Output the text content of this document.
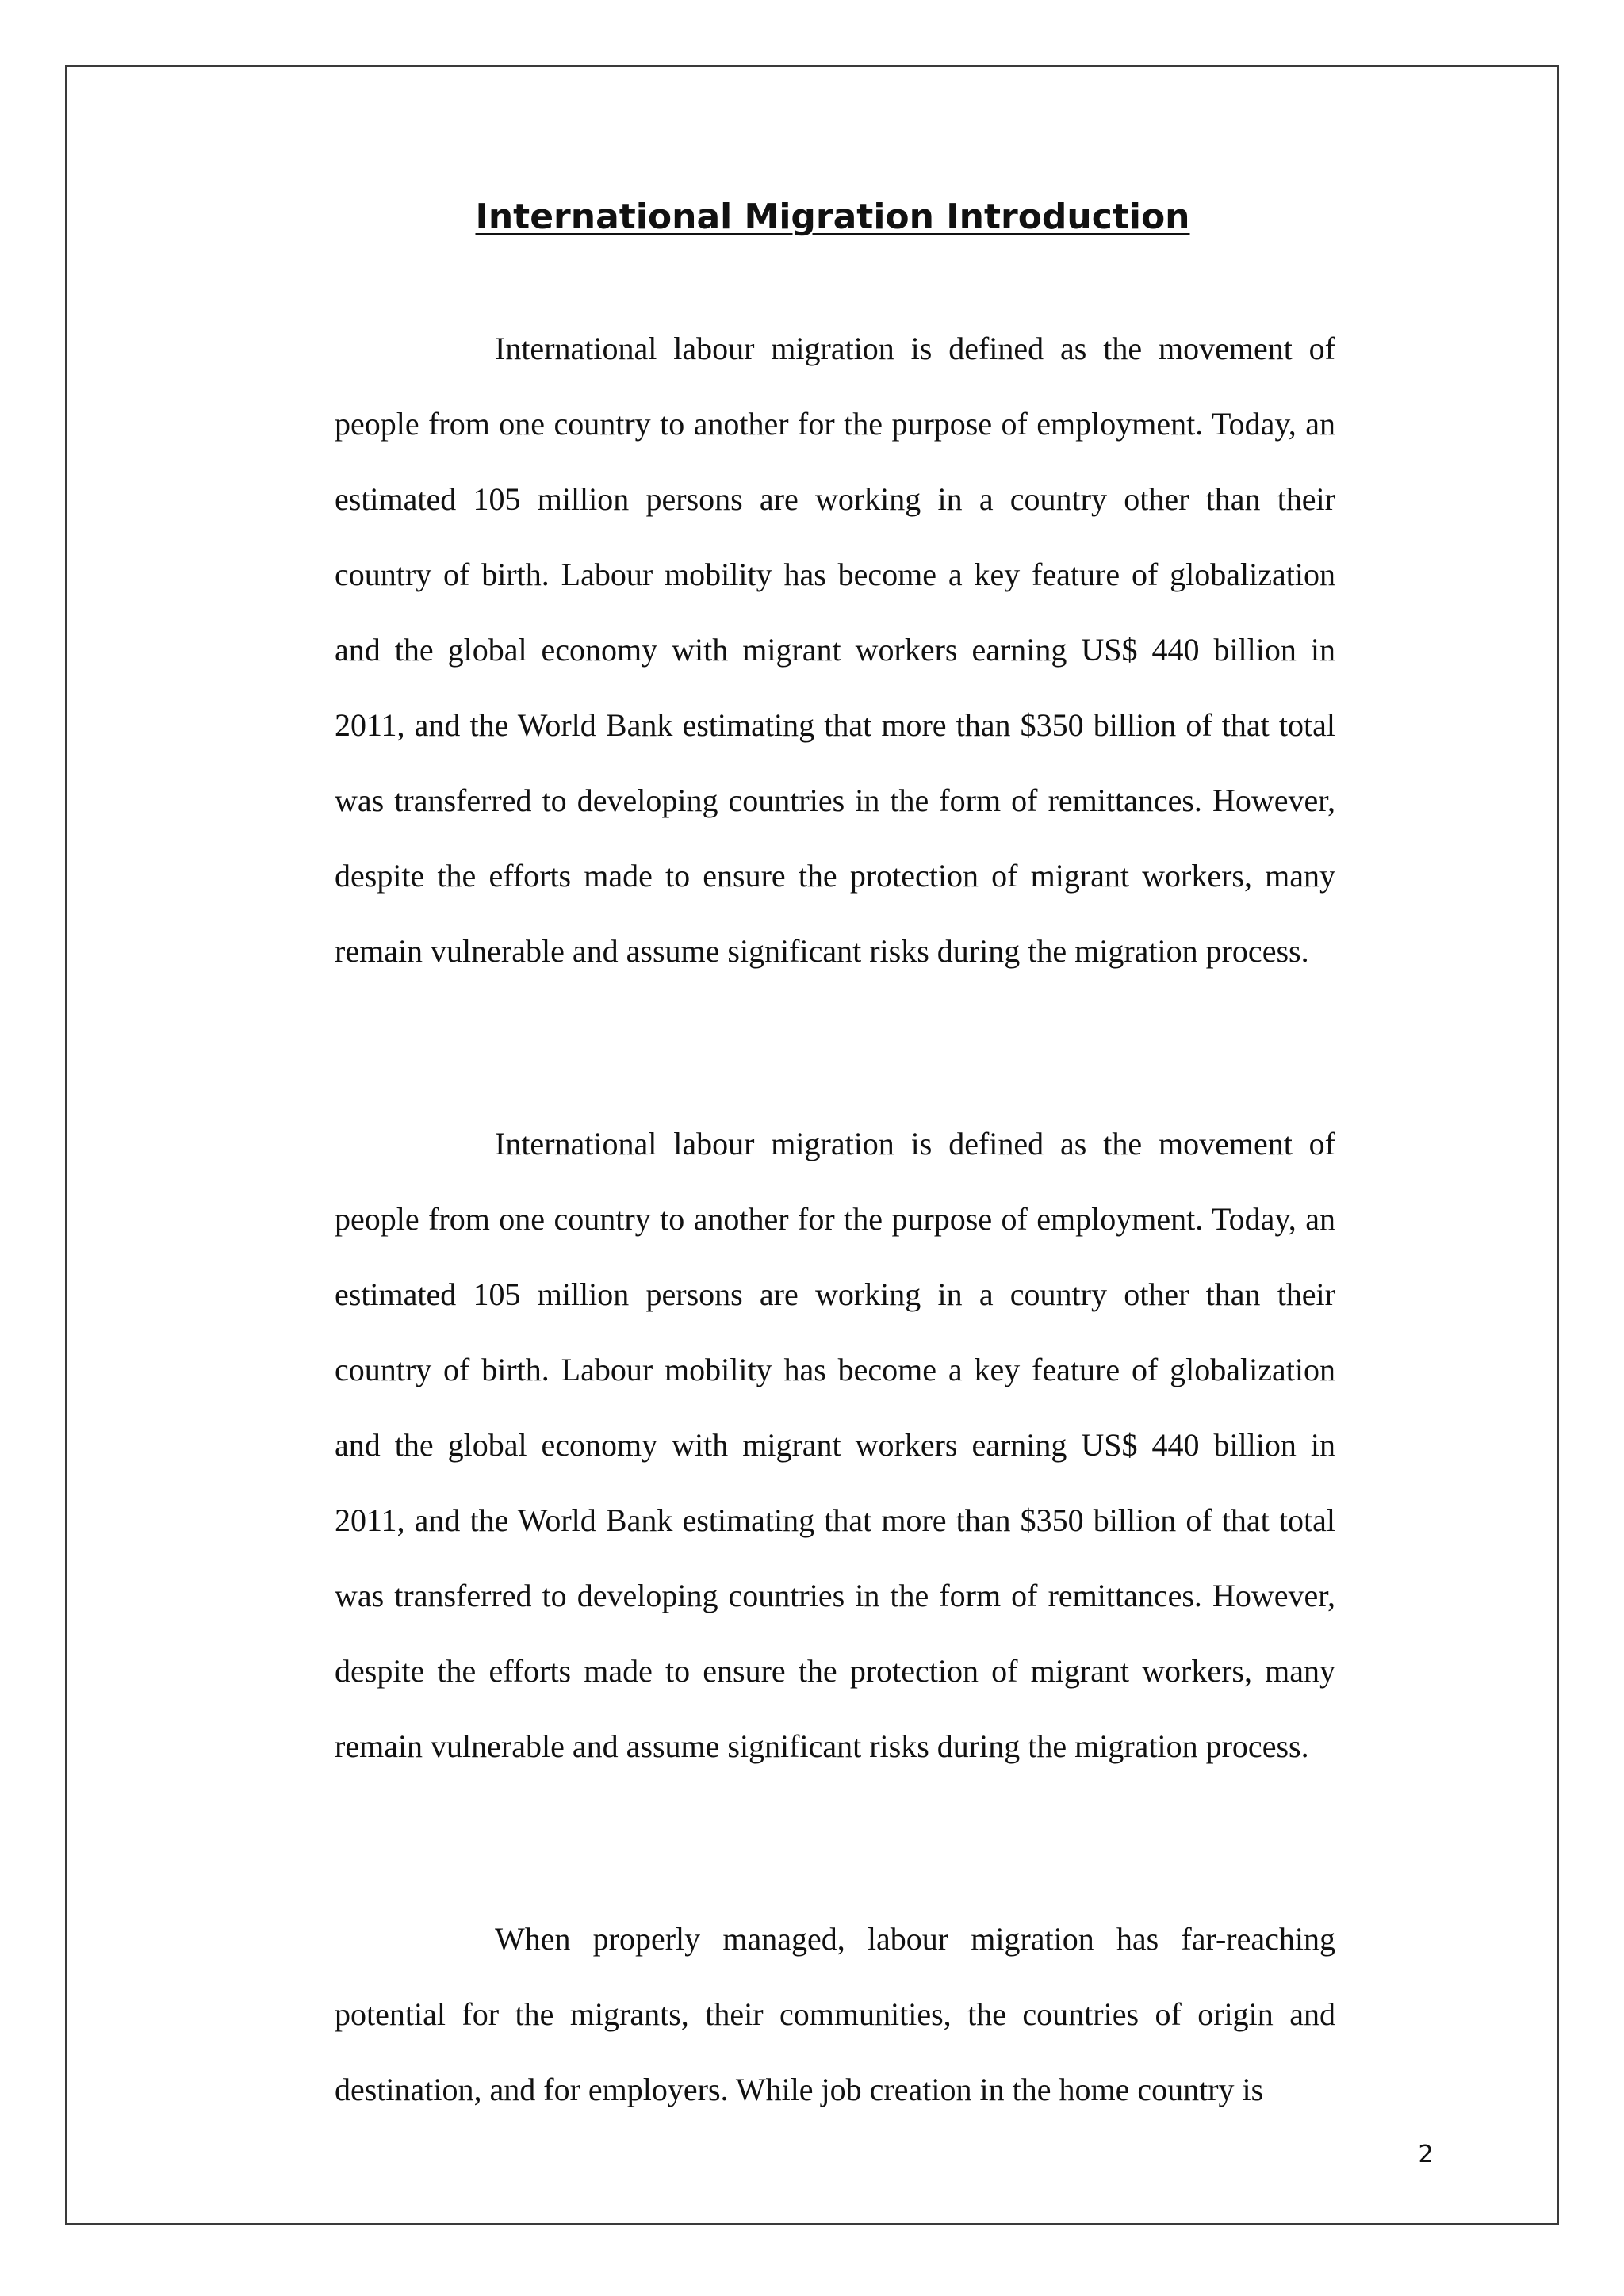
International Migration Introduction

International labour migration is defined as the movement of people from one country to another for the purpose of employment. Today, an estimated 105 million persons are working in a country other than their country of birth. Labour mobility has become a key feature of globalization and the global economy with migrant workers earning US$ 440 billion in 2011, and the World Bank estimating that more than $350 billion of that total was transferred to developing countries in the form of remittances. However, despite the efforts made to ensure the protection of migrant workers, many remain vulnerable and assume significant risks during the migration process.

International labour migration is defined as the movement of people from one country to another for the purpose of employment. Today, an estimated 105 million persons are working in a country other than their country of birth. Labour mobility has become a key feature of globalization and the global economy with migrant workers earning US$ 440 billion in 2011, and the World Bank estimating that more than $350 billion of that total was transferred to developing countries in the form of remittances. However, despite the efforts made to ensure the protection of migrant workers, many remain vulnerable and assume significant risks during the migration process.

When properly managed, labour migration has far-reaching potential for the migrants, their communities, the countries of origin and destination, and for employers. While job creation in the home country is

2
